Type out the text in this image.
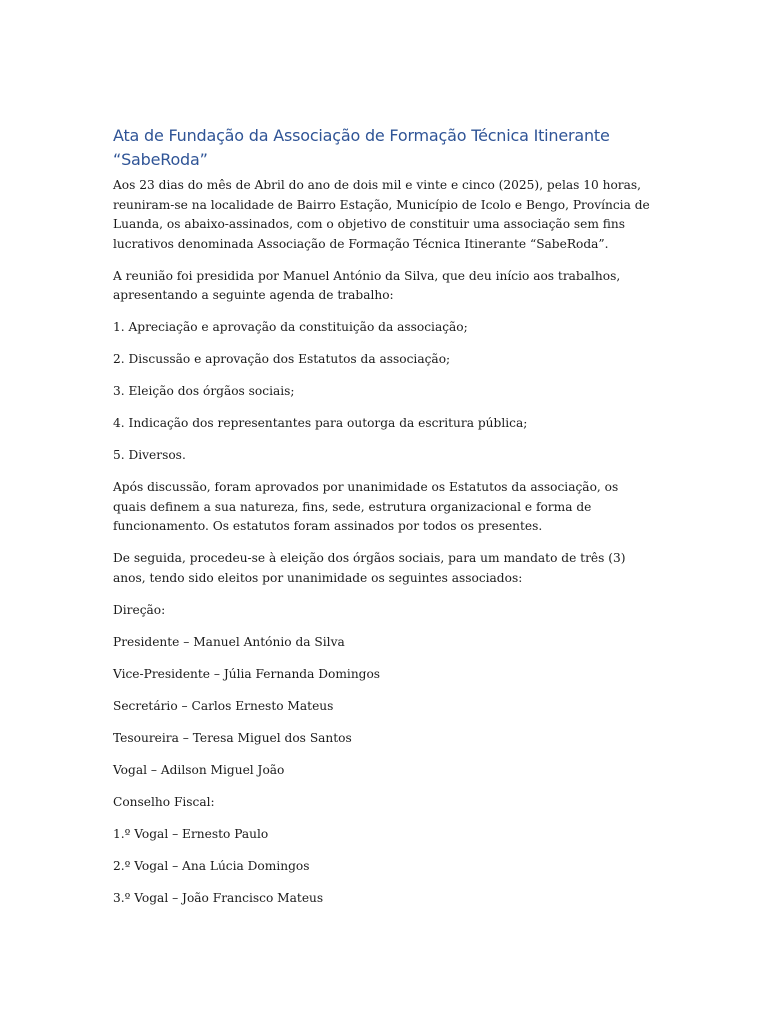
Ata de Fundação da Associação de Formação Técnica Itinerante “SabeRoda”

Aos 23 dias do mês de Abril do ano de dois mil e vinte e cinco (2025), pelas 10 horas, reuniram-se na localidade de Bairro Estação, Município de Icolo e Bengo, Província de Luanda, os abaixo-assinados, com o objetivo de constituir uma associação sem fins lucrativos denominada Associação de Formação Técnica Itinerante “SabeRoda”.

A reunião foi presidida por Manuel António da Silva, que deu início aos trabalhos, apresentando a seguinte agenda de trabalho:

1. Apreciação e aprovação da constituição da associação;

2. Discussão e aprovação dos Estatutos da associação;

3. Eleição dos órgãos sociais;

4. Indicação dos representantes para outorga da escritura pública;

5. Diversos.

Após discussão, foram aprovados por unanimidade os Estatutos da associação, os quais definem a sua natureza, fins, sede, estrutura organizacional e forma de funcionamento. Os estatutos foram assinados por todos os presentes.

De seguida, procedeu-se à eleição dos órgãos sociais, para um mandato de três (3) anos, tendo sido eleitos por unanimidade os seguintes associados:

Direção:

Presidente – Manuel António da Silva

Vice-Presidente – Júlia Fernanda Domingos

Secretário – Carlos Ernesto Mateus

Tesoureira – Teresa Miguel dos Santos

Vogal – Adilson Miguel João

Conselho Fiscal:

1.º Vogal – Ernesto Paulo

2.º Vogal – Ana Lúcia Domingos

3.º Vogal – João Francisco Mateus
